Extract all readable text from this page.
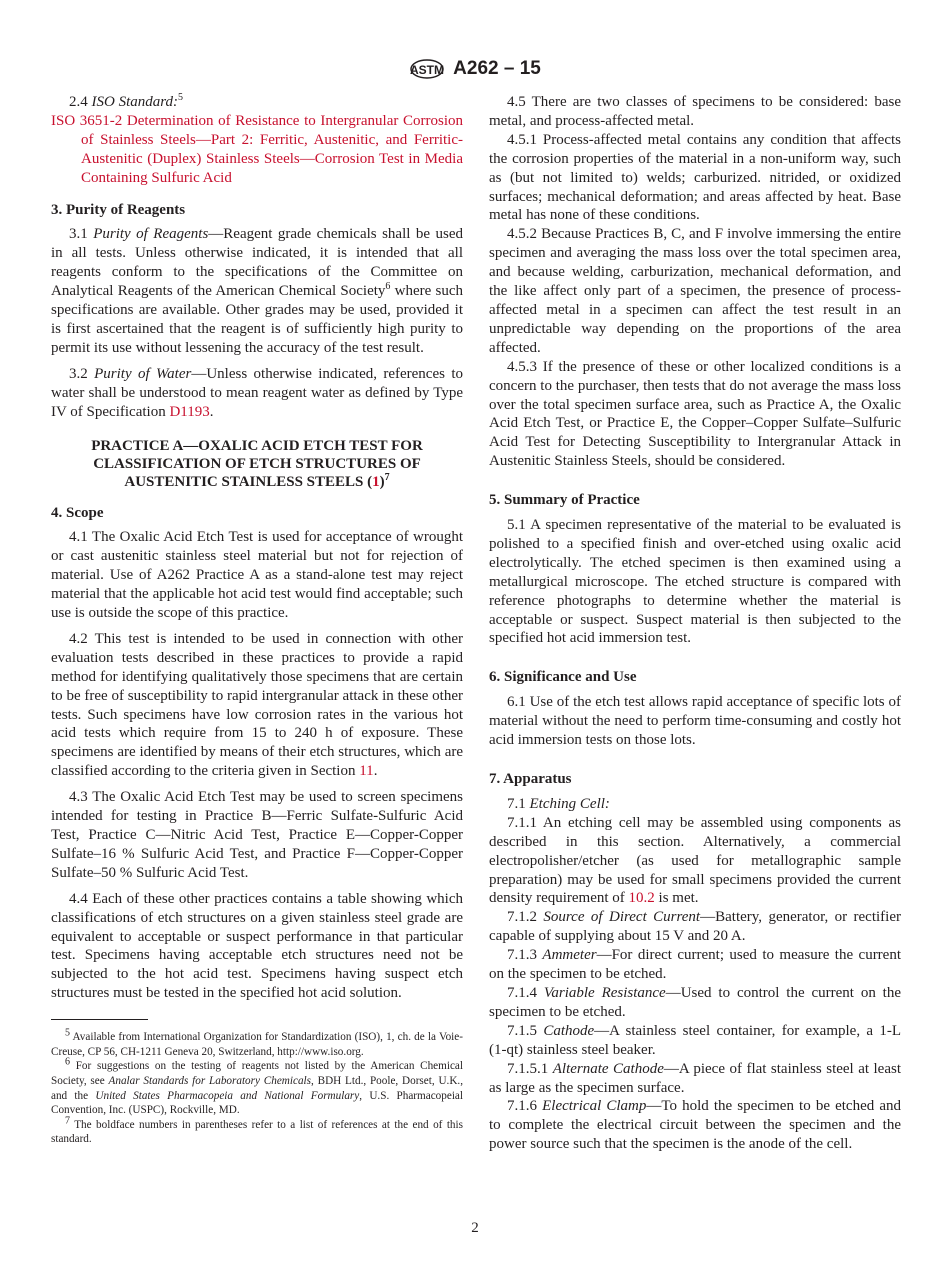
ASTM A262 – 15

2.4 ISO Standard:$^5$

ISO 3651-2 Determination of Resistance to Intergranular Corrosion of Stainless Steels—Part 2: Ferritic, Austenitic, and Ferritic-Austenitic (Duplex) Stainless Steels—Corrosion Test in Media Containing Sulfuric Acid

3. Purity of Reagents

3.1 Purity of Reagents—Reagent grade chemicals shall be used in all tests. Unless otherwise indicated, it is intended that all reagents conform to the specifications of the Committee on Analytical Reagents of the American Chemical Society$^6$ where such specifications are available. Other grades may be used, provided it is first ascertained that the reagent is of sufficiently high purity to permit its use without lessening the accuracy of the test result.

3.2 Purity of Water—Unless otherwise indicated, references to water shall be understood to mean reagent water as defined by Type IV of Specification D1193.

PRACTICE A—OXALIC ACID ETCH TEST FOR CLASSIFICATION OF ETCH STRUCTURES OF AUSTENITIC STAINLESS STEELS $(1)^7$
4. Scope

4.1 The Oxalic Acid Etch Test is used for acceptance of wrought or cast austenitic stainless steel material but not for rejection of material. Use of A262 Practice A as a stand-alone test may reject material that the applicable hot acid test would find acceptable; such use is outside the scope of this practice.

4.2 This test is intended to be used in connection with other evaluation tests described in these practices to provide a rapid method for identifying qualitatively those specimens that are certain to be free of susceptibility to rapid intergranular attack in these other tests. Such specimens have low corrosion rates in the various hot acid tests which require from 15 to 240 h of exposure. These specimens are identified by means of their etch structures, which are classified according to the criteria given in Section 11.

4.3 The Oxalic Acid Etch Test may be used to screen specimens intended for testing in Practice B—Ferric Sulfate-Sulfuric Acid Test, Practice C—Nitric Acid Test, Practice E—Copper-Copper Sulfate–16 % Sulfuric Acid Test, and Practice F—Copper-Copper Sulfate–50 % Sulfuric Acid Test.

4.4 Each of these other practices contains a table showing which classifications of etch structures on a given stainless steel grade are equivalent to acceptable or suspect performance in that particular test. Specimens having acceptable etch structures need not be subjected to the hot acid test. Specimens having suspect etch structures must be tested in the specified hot acid solution.

$^5$ Available from International Organization for Standardization (ISO), 1, ch. de la Voie-Creuse, CP 56, CH-1211 Geneva 20, Switzerland, http://www.iso.org.

$^6$ For suggestions on the testing of reagents not listed by the American Chemical Society, see Analar Standards for Laboratory Chemicals, BDH Ltd., Poole, Dorset, U.K., and the United States Pharmacopeia and National Formulary, U.S. Pharmacopeial Convention, Inc. (USPC), Rockville, MD.

$^7$ The boldface numbers in parentheses refer to a list of references at the end of this standard.

4.5 There are two classes of specimens to be considered: base metal, and process-affected metal.

4.5.1 Process-affected metal contains any condition that affects the corrosion properties of the material in a non-uniform way, such as (but not limited to) welds; carburized. nitrided, or oxidized surfaces; mechanical deformation; and areas affected by heat. Base metal has none of these conditions.

4.5.2 Because Practices B, C, and F involve immersing the entire specimen and averaging the mass loss over the total specimen area, and because welding, carburization, mechanical deformation, and the like affect only part of a specimen, the presence of process-affected metal in a specimen can affect the test result in an unpredictable way depending on the proportions of the area affected.

4.5.3 If the presence of these or other localized conditions is a concern to the purchaser, then tests that do not average the mass loss over the total specimen surface area, such as Practice A, the Oxalic Acid Etch Test, or Practice E, the Copper–Copper Sulfate–Sulfuric Acid Test for Detecting Susceptibility to Intergranular Attack in Austenitic Stainless Steels, should be considered.

5. Summary of Practice

5.1 A specimen representative of the material to be evaluated is polished to a specified finish and over-etched using oxalic acid electrolytically. The etched specimen is then examined using a metallurgical microscope. The etched structure is compared with reference photographs to determine whether the material is acceptable or suspect. Suspect material is then subjected to the specified hot acid immersion test.

6. Significance and Use

6.1 Use of the etch test allows rapid acceptance of specific lots of material without the need to perform time-consuming and costly hot acid immersion tests on those lots.

7. Apparatus

7.1 Etching Cell:

7.1.1 An etching cell may be assembled using components as described in this section. Alternatively, a commercial electropolisher/etcher (as used for metallographic sample preparation) may be used for small specimens provided the current density requirement of 10.2 is met.

7.1.2 Source of Direct Current—Battery, generator, or rectifier capable of supplying about 15 V and 20 A.

7.1.3 Ammeter—For direct current; used to measure the current on the specimen to be etched.

7.1.4 Variable Resistance—Used to control the current on the specimen to be etched.

7.1.5 Cathode—A stainless steel container, for example, a 1-L (1-qt) stainless steel beaker.

7.1.5.1 Alternate Cathode—A piece of flat stainless steel at least as large as the specimen surface.

7.1.6 Electrical Clamp—To hold the specimen to be etched and to complete the electrical circuit between the specimen and the power source such that the specimen is the anode of the cell.

2
